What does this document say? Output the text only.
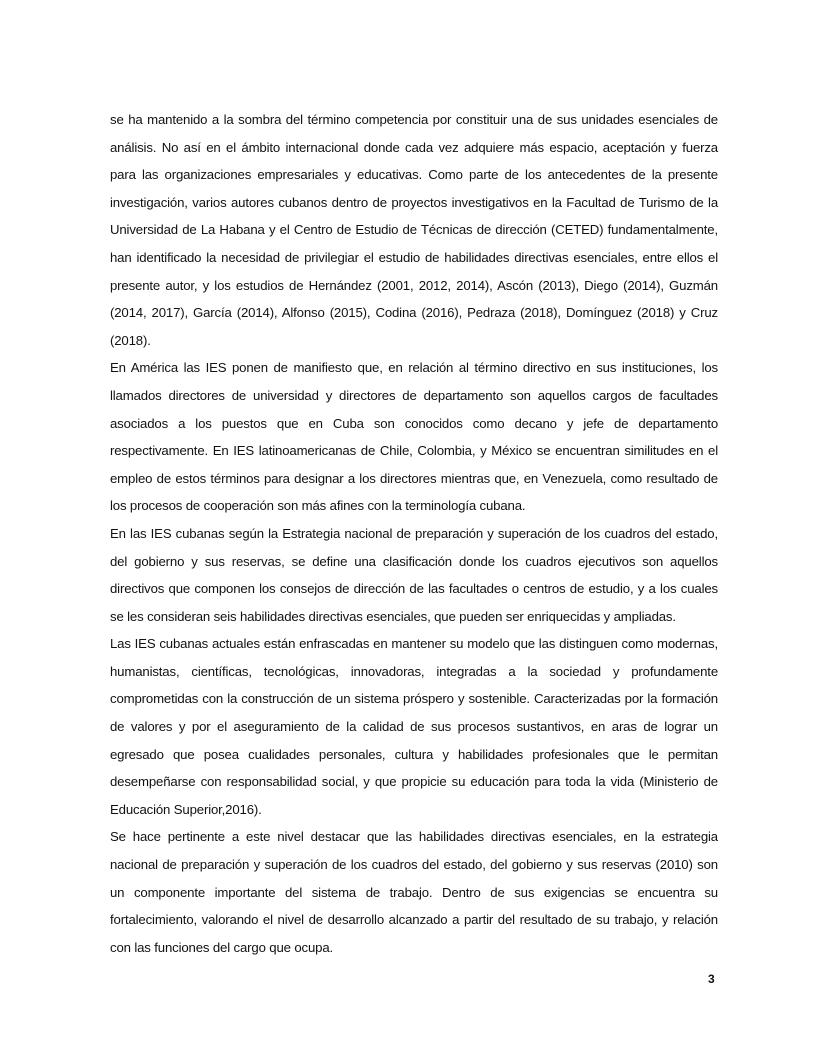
se ha mantenido a la sombra del término competencia por constituir una de sus unidades esenciales de análisis. No así en el ámbito internacional donde cada vez adquiere más espacio, aceptación y fuerza para las organizaciones empresariales y educativas. Como parte de los antecedentes de la presente investigación, varios autores cubanos dentro de proyectos investigativos en la Facultad de Turismo de la Universidad de La Habana y el Centro de Estudio de Técnicas de dirección (CETED) fundamentalmente, han identificado la necesidad de privilegiar el estudio de habilidades directivas esenciales, entre ellos el presente autor, y los estudios de Hernández (2001, 2012, 2014), Ascón (2013), Diego (2014), Guzmán (2014, 2017), García (2014), Alfonso (2015), Codina (2016), Pedraza (2018), Domínguez (2018) y Cruz (2018).

En América las IES ponen de manifiesto que, en relación al término directivo en sus instituciones, los llamados directores de universidad y directores de departamento son aquellos cargos de facultades asociados a los puestos que en Cuba son conocidos como decano y jefe de departamento respectivamente. En IES latinoamericanas de Chile, Colombia, y México se encuentran similitudes en el empleo de estos términos para designar a los directores mientras que, en Venezuela, como resultado de los procesos de cooperación son más afines con la terminología cubana.

En las IES cubanas según la Estrategia nacional de preparación y superación de los cuadros del estado, del gobierno y sus reservas, se define una clasificación donde los cuadros ejecutivos son aquellos directivos que componen los consejos de dirección de las facultades o centros de estudio, y a los cuales se les consideran seis habilidades directivas esenciales, que pueden ser enriquecidas y ampliadas.

Las IES cubanas actuales están enfrascadas en mantener su modelo que las distinguen como modernas, humanistas, científicas, tecnológicas, innovadoras, integradas a la sociedad y profundamente comprometidas con la construcción de un sistema próspero y sostenible. Caracterizadas por la formación de valores y por el aseguramiento de la calidad de sus procesos sustantivos, en aras de lograr un egresado que posea cualidades personales, cultura y habilidades profesionales que le permitan desempeñarse con responsabilidad social, y que propicie su educación para toda la vida (Ministerio de Educación Superior,2016).

Se hace pertinente a este nivel destacar que las habilidades directivas esenciales, en la estrategia nacional de preparación y superación de los cuadros del estado, del gobierno y sus reservas (2010) son un componente importante del sistema de trabajo. Dentro de sus exigencias se encuentra su fortalecimiento, valorando el nivel de desarrollo alcanzado a partir del resultado de su trabajo, y relación con las funciones del cargo que ocupa.

3
